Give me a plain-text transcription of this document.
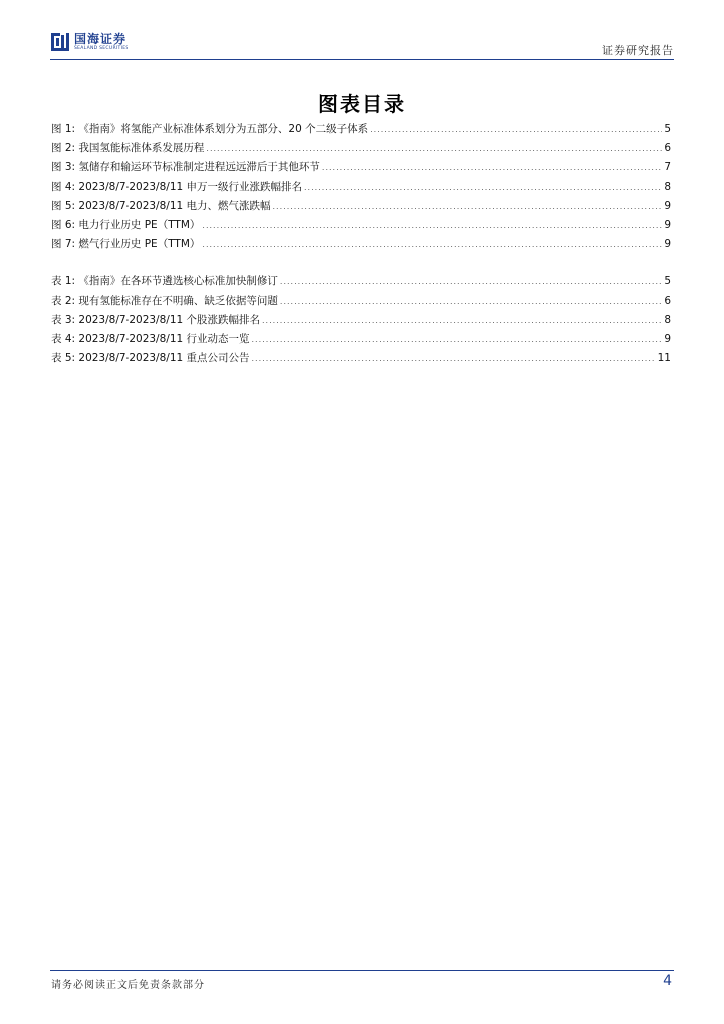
国海证券
SEALAND SECURITIES	证券研究报告
图表目录
图 1: 《指南》将氢能产业标准体系划分为五部分、20 个二级子体系 .....	5
图 2: 我国氢能标准体系发展历程 .....	6
图 3: 氢储存和输运环节标准制定进程远远滞后于其他环节 .....	7
图 4: 2023/8/7-2023/8/11 申万一级行业涨跌幅排名 .....	8
图 5: 2023/8/7-2023/8/11 电力、燃气涨跌幅 .....	9
图 6: 电力行业历史 PE（TTM） .....	9
图 7: 燃气行业历史 PE（TTM） .....	9
表 1: 《指南》在各环节遴选核心标准加快制修订 .....	5
表 2: 现有氢能标准存在不明确、缺乏依据等问题 .....	6
表 3: 2023/8/7-2023/8/11 个股涨跌幅排名 .....	8
表 4: 2023/8/7-2023/8/11 行业动态一览 .....	9
表 5: 2023/8/7-2023/8/11 重点公司公告 .....	11
请务必阅读正文后免责条款部分	4
